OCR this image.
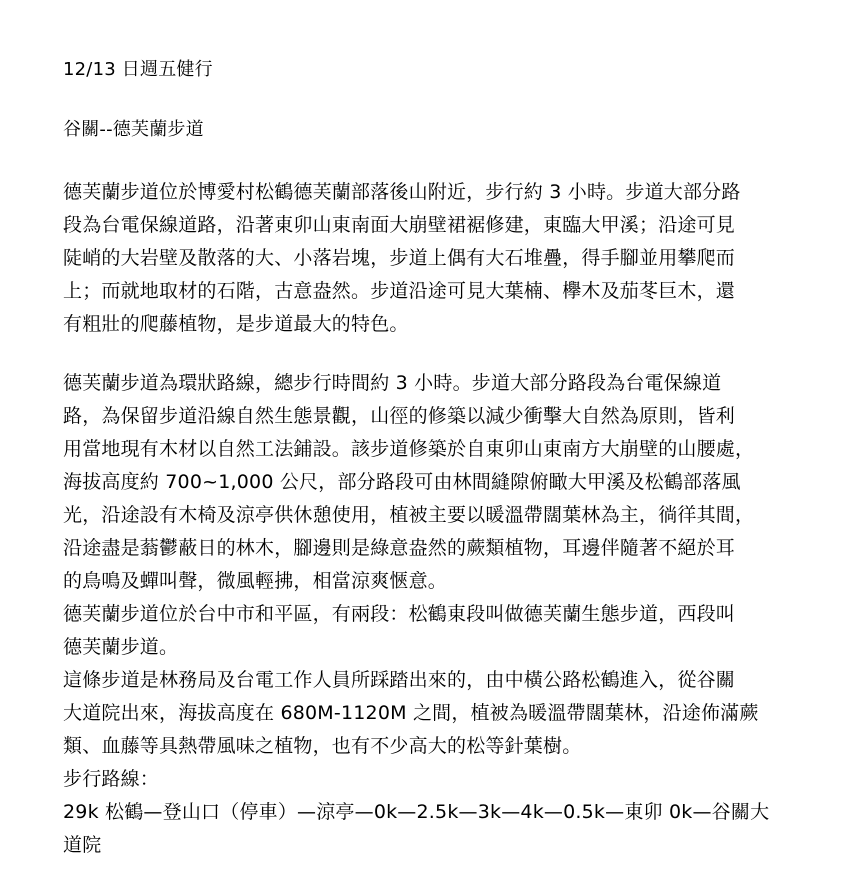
12/13 日週五健行
谷關--德芙蘭步道
德芙蘭步道位於博愛村松鶴德芙蘭部落後山附近，步行約 3 小時。步道大部分路
段為台電保線道路，沿著東卯山東南面大崩壁裙裾修建，東臨大甲溪；沿途可見
陡峭的大岩壁及散落的大、小落岩塊，步道上偶有大石堆疊，得手腳並用攀爬而
上；而就地取材的石階，古意盎然。步道沿途可見大葉楠、欅木及茄苳巨木，還
有粗壯的爬藤植物，是步道最大的特色。
德芙蘭步道為環狀路線，總步行時間約 3 小時。步道大部分路段為台電保線道
路，為保留步道沿線自然生態景觀，山徑的修築以減少衝擊大自然為原則，皆利
用當地現有木材以自然工法鋪設。該步道修築於自東卯山東南方大崩壁的山腰處，
海拔高度約 700~1,000 公尺，部分路段可由林間縫隙俯瞰大甲溪及松鶴部落風
光，沿途設有木椅及涼亭供休憩使用，植被主要以暖溫帶闊葉林為主，徜徉其間，
沿途盡是蓊鬱蔽日的林木，腳邊則是綠意盎然的蕨類植物，耳邊伴隨著不絕於耳
的鳥鳴及蟬叫聲，微風輕拂，相當涼爽愜意。
德芙蘭步道位於台中市和平區，有兩段：松鶴東段叫做德芙蘭生態步道，西段叫
德芙蘭步道。
這條步道是林務局及台電工作人員所踩踏出來的，由中橫公路松鶴進入，從谷關
大道院出來，海拔高度在 680M-1120M 之間，植被為暖溫帶闊葉林，沿途佈滿蕨
類、血藤等具熱帶風味之植物，也有不少高大的松等針葉樹。
步行路線：
29k 松鶴—登山口（停車）—涼亭—0k—2.5k—3k—4k—0.5k—東卯 0k—谷關大
道院
